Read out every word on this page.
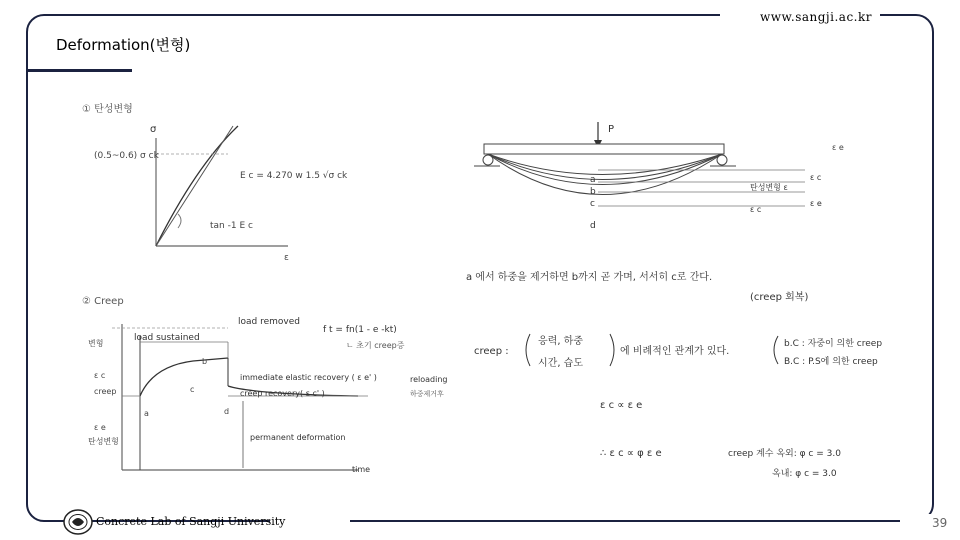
www.sangji.ac.kr
Deformation(변형)
① 탄성변형
σ
(0.5~0.6) σ ck
E c = 4.270 w 1.5 √σ ck
tan -1 E c
ε
② Creep
load sustained
load removed
f t = fn(1 - e -kt)
ㄴ 초기 creep증
변형
ε c
creep
ε e
탄성변형
b
c
a	d
immediate elastic recovery ( ε e' )
creep recovery( ε c' )
reloading
하중제거후
permanent deformation
time
P
a
b
c
d
ε e
탄성변형 ε
ε c
ε e
ε c
a 에서 하중을 제거하면 b까지 곧 가며, 서서히 c로 간다.
(creep 회복)
creep :
응력, 하중
시간, 습도
에 비례적인 관계가 있다.
b.C : 자중이 의한 creep
B.C : P.S에 의한 creep
ε c ∝ ε e
∴ ε c ∝ φ ε e	creep 계수 옥외: φ c = 3.0
옥내: φ c = 3.0
Concrete Lab of Sangji University	39
